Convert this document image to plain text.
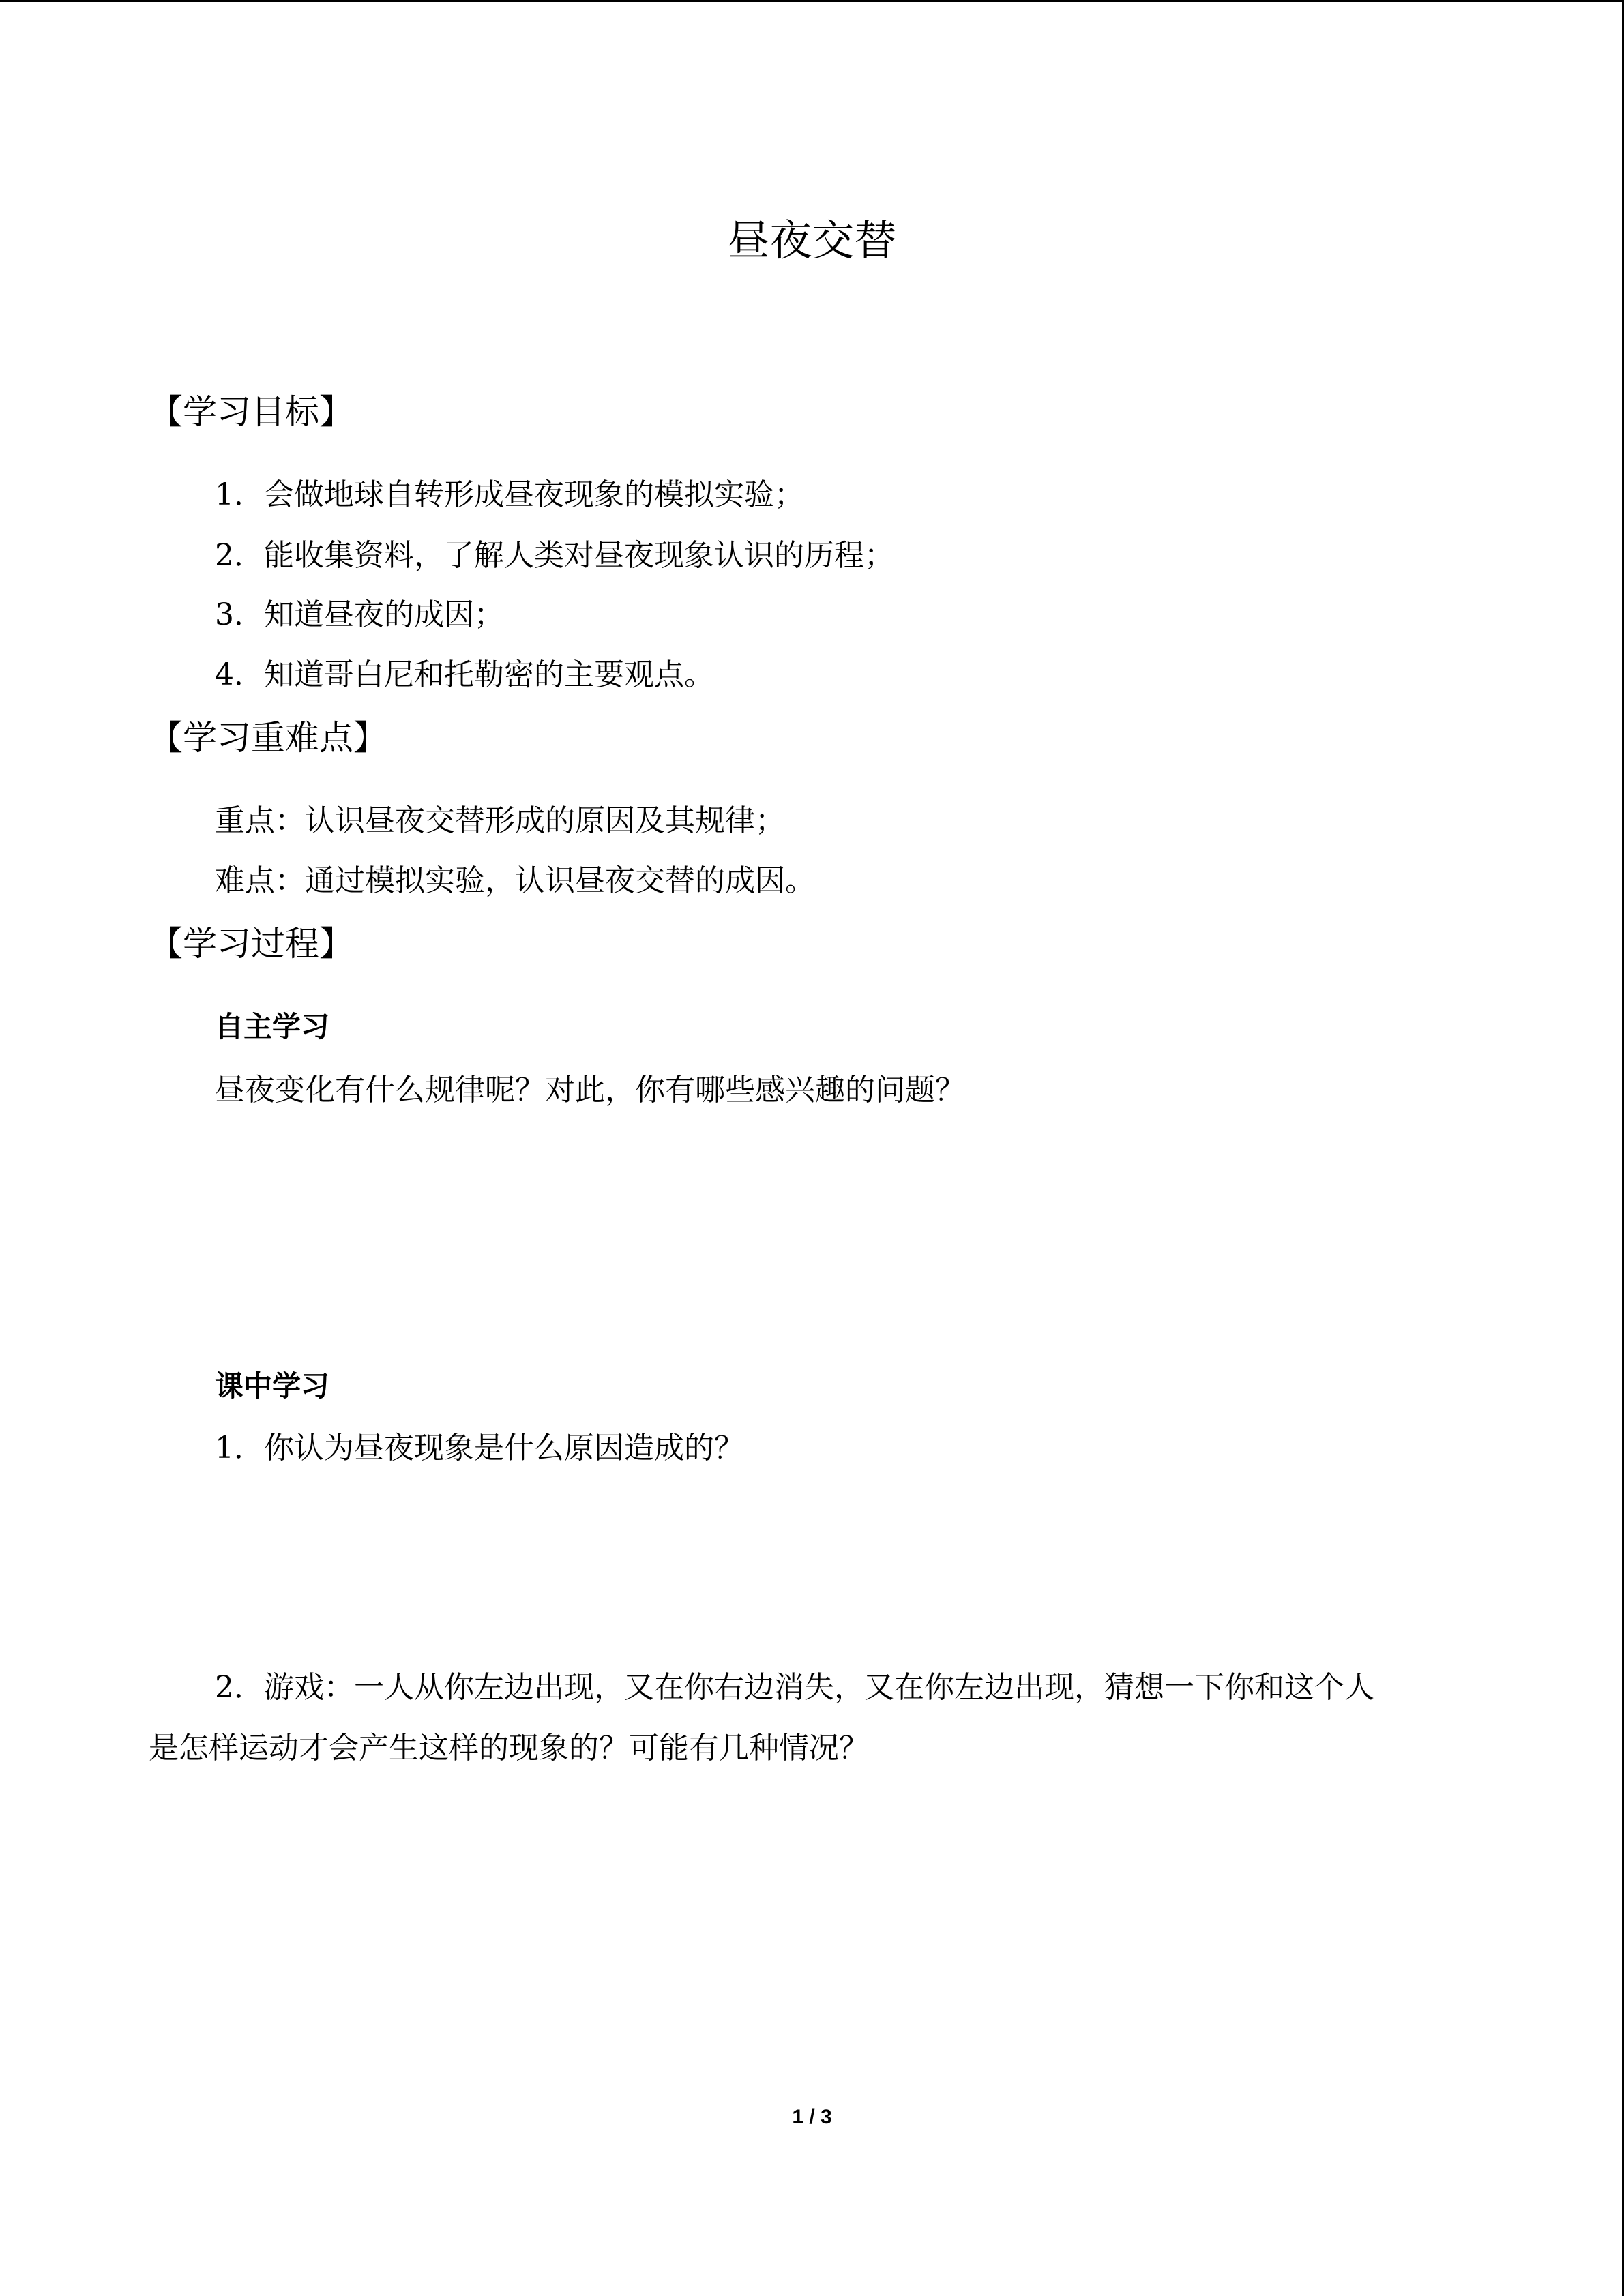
昼夜交替
【学习目标】
1．会做地球自转形成昼夜现象的模拟实验；
2．能收集资料，了解人类对昼夜现象认识的历程；
3．知道昼夜的成因；
4．知道哥白尼和托勒密的主要观点。
【学习重难点】
重点：认识昼夜交替形成的原因及其规律；
难点：通过模拟实验，认识昼夜交替的成因。
【学习过程】
自主学习
昼夜变化有什么规律呢？对此，你有哪些感兴趣的问题？
课中学习
1．你认为昼夜现象是什么原因造成的？
2．游戏：一人从你左边出现，又在你右边消失，又在你左边出现，猜想一下你和这个人
是怎样运动才会产生这样的现象的？可能有几种情况？
1 / 3
